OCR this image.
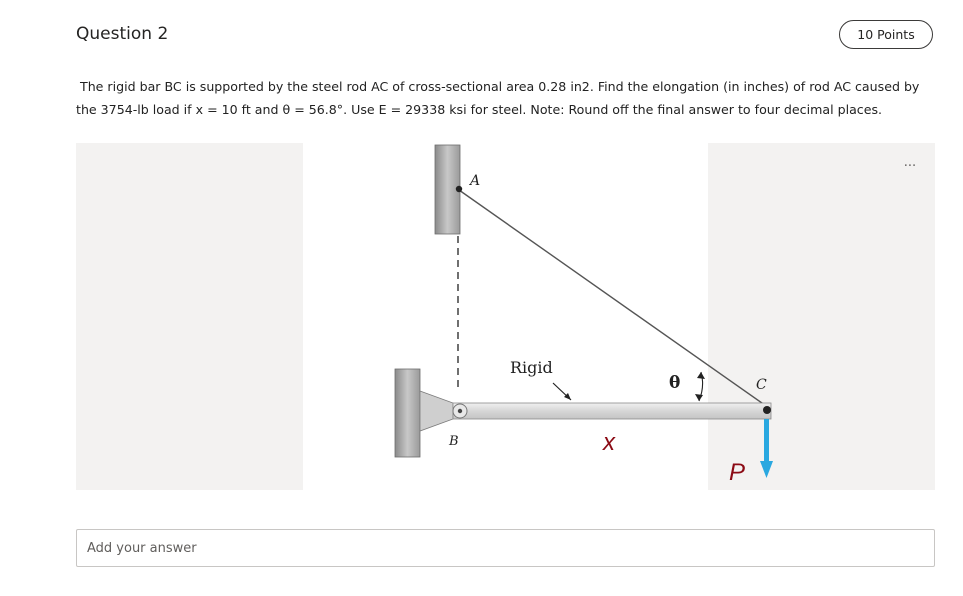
Question 2	10 Points

The rigid bar BC is supported by the steel rod AC of cross-sectional area 0.28 in2. Find the elongation (in inches) of rod AC caused by the 3754-lb load if x = 10 ft and θ = 56.8°. Use E = 29338 ksi for steel. Note: Round off the final answer to four decimal places.

...
A
B
C
Rigid
θ
x
P
Add your answer
